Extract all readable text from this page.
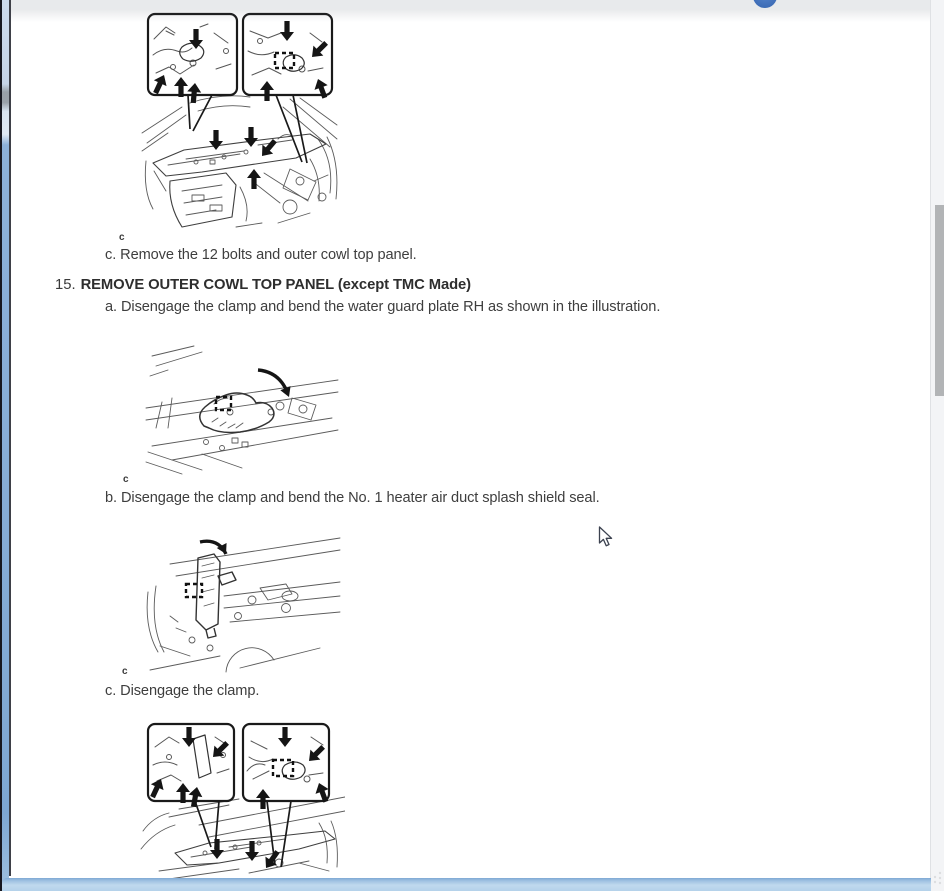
c
c. Remove the 12 bolts and outer cowl top panel.
15. REMOVE OUTER COWL TOP PANEL (except TMC Made)
a. Disengage the clamp and bend the water guard plate RH as shown in the illustration.
c
b. Disengage the clamp and bend the No. 1 heater air duct splash shield seal.
c
c. Disengage the clamp.
